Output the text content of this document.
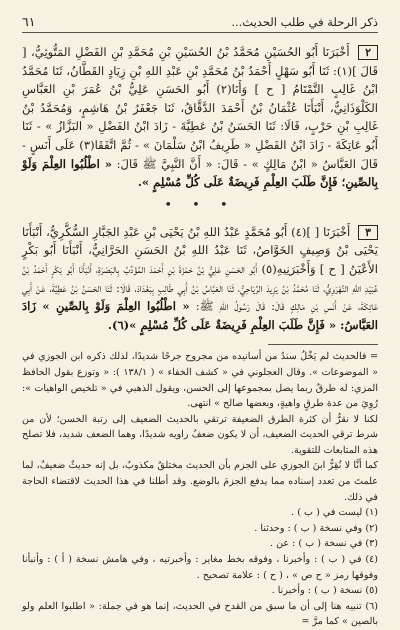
ذكر الرحلة في طلب الحديث...
٦١

٢ أَخْبَرَنَا أَبُو الحُسَيْنِ مُحَمَّدُ بْنُ الحُسَيْنِ بْنِ مُحَمَّدِ بْنِ الفَضْلِ المَتُّوثِيُّ، [ قَالَ ](١): ثَنَا أَبُو سَهْلٍ أَحْمَدُ بْنُ مُحَمَّدِ بْنِ عَبْدِ اللهِ بْنِ زِيَادٍ القَطَّانُ، ثَنَا مُحَمَّدُ ابْنُ غَالِبٍ التَّمْتَامُ [ ح ] وَأَنَا(٢) أَبُو الحَسَنِ عَلِيُّ بْنُ عُمَرَ بْنِ العَبَّاسِ الكَلْوَذَانِيُّ، أَنْبَأَنَا عُثْمَانُ بْنُ أَحْمَدَ الدَّقَّاقُ، ثَنَا جَعْفَرُ بْنُ هَاشِمٍ، وَمُحَمَّدُ بْنُ غَالِبِ بْنِ حَرْبٍ، قَالَا: ثَنَا الحَسَنُ بْنُ عَطِيَّةَ - زَادَ ابْنُ الفَضْلِ « البَزَّازُ » - ثَنَا أَبُو عَاتِكَةَ - زَادَ ابْنُ الفَضْلِ « طَرِيفُ ابْنُ سَلْمَانَ » - ثُمَّ اتَّفَقَا(٣) عَلَى أَنَسٍ - قَالَ العَبَّاسُ « ابْنُ مَالِكٍ » - قَالَ: « أَنَّ النَّبِيَّ ﷺ قَالَ: « اطْلُبُوا العِلْمَ وَلَوْ بِالصِّينِ؛ فَإِنَّ طَلَبَ العِلْمِ فَرِيضَةٌ عَلَى كُلِّ مُسْلِمٍ ».

• • •

٣ أَخْبَرَنَا [ ](٤) أَبُو مُحَمَّدٍ عَبْدُ اللهِ بْنُ يَحْيَى بْنِ عَبْدِ الجَبَّارِ السُّكَّرِيُّ، أَنْبَأَنَا يَحْيَى بْنُ وَصِيفٍ الخَوَّاصُ، ثَنَا عَبْدُ اللهِ بْنُ الحَسَنِ الحَرَّانِيُّ، أَنْبَأَنَا أَبُو بَكْرٍ الأَعْيَنُ [ ح ] وَأَخْبَرَنِيهِ(٥) أَبُو الحَسَنِ عَلِيُّ بْنُ حَمْزَةَ بْنِ أَحْمَدَ المُؤَدِّبُ بِالبَصْرَةِ، أَنْبَأَنَا أَبُو بَكْرٍ أَحْمَدُ بْنُ عُبَيْدِ اللهِ النَّهْرَوِيُّ، ثَنَا مُحَمَّدُ بْنُ يَزِيدَ الرِّيَاحِيُّ، ثَنَا العَبَّاسُ بْنُ أَبِي طَالِبٍ بِبَغْدَادَ، قَالَا: ثَنَا الحَسَنُ بْنُ عَطِيَّةَ، عَنْ أَبِي عَاتِكَةَ، عَنْ أَنَسِ بْنِ مَالِكٍ قَالَ: قَالَ رَسُولُ اللهِ ﷺ: « اطْلُبُوا العِلْمَ وَلَوْ بِالصِّينِ » زَادَ العَبَّاسُ: « فَإِنَّ طَلَبَ العِلْمِ فَرِيضَةٌ عَلَى كُلِّ مُسْلِمٍ »(٦).

= فالحديث لم يَخْلُ سندٌ من أسانيده من مجروح جرحًا شديدًا، لذلك ذكره ابن الجوزي في « الموضوعات ». وقال العجلوني في « كشف الخفاء » ( ١٣٨/١ ): « وتوزع بقول الحافظ المزي: له طرقٌ ربما يصل بمجموعها إلى الحسن، ويقول الذهبي في « تلخيص الواهيات »: رُوِيَ من عدة طرقٍ واهيةٍ، وبعضها صالح » انتهى.

لكنا لا نقرُّ أن كثرة الطرق الضعيفة ترتقي بالحديث الضعيف إلى رتبة الحسن؛ لأن من شرط ترقي الحديث الضعيف، أن لا يكون ضعفُ راويه شديدًا، وهما الضعف شديد، فلا تصلح هذه المتابعات للتقوية.

كما أنَّا لا نُقِرُّ ابنَ الجوزي على الجزم بأن الحديث مختلقٌ مكذوبٌ، بل إنه حديثٌ ضعيفٌ، لما علمتَ من تعدد إسناده مما يدفع الجزمَ بالوضع. وقد أطلنا في هذا الحديث لاقتضاء الحاجة في ذلك.

(١) ليست في ( ب ) .

(٢) وفي نسخة ( ب ) : وحدثنا .

(٣) في نسخة ( ب ) : عن .

(٤) في ( ب ) : وأخبرنا ، وفوقه بخط مغاير : وأخبرتيه ، وفي هامش نسخة ( أ ) : وأنبأنا وفوقها رمز « ح ص » ، ( ح ) : علامة تصحيح .

(٥) نسخة ( ب ) : وأخبرنا .

(٦) تنبيه هنا إلى أن ما سبق من القدح في الحديث، إنما هو في جملة: « اطلبوا العلم ولو بالصين » كما مرَّ =
